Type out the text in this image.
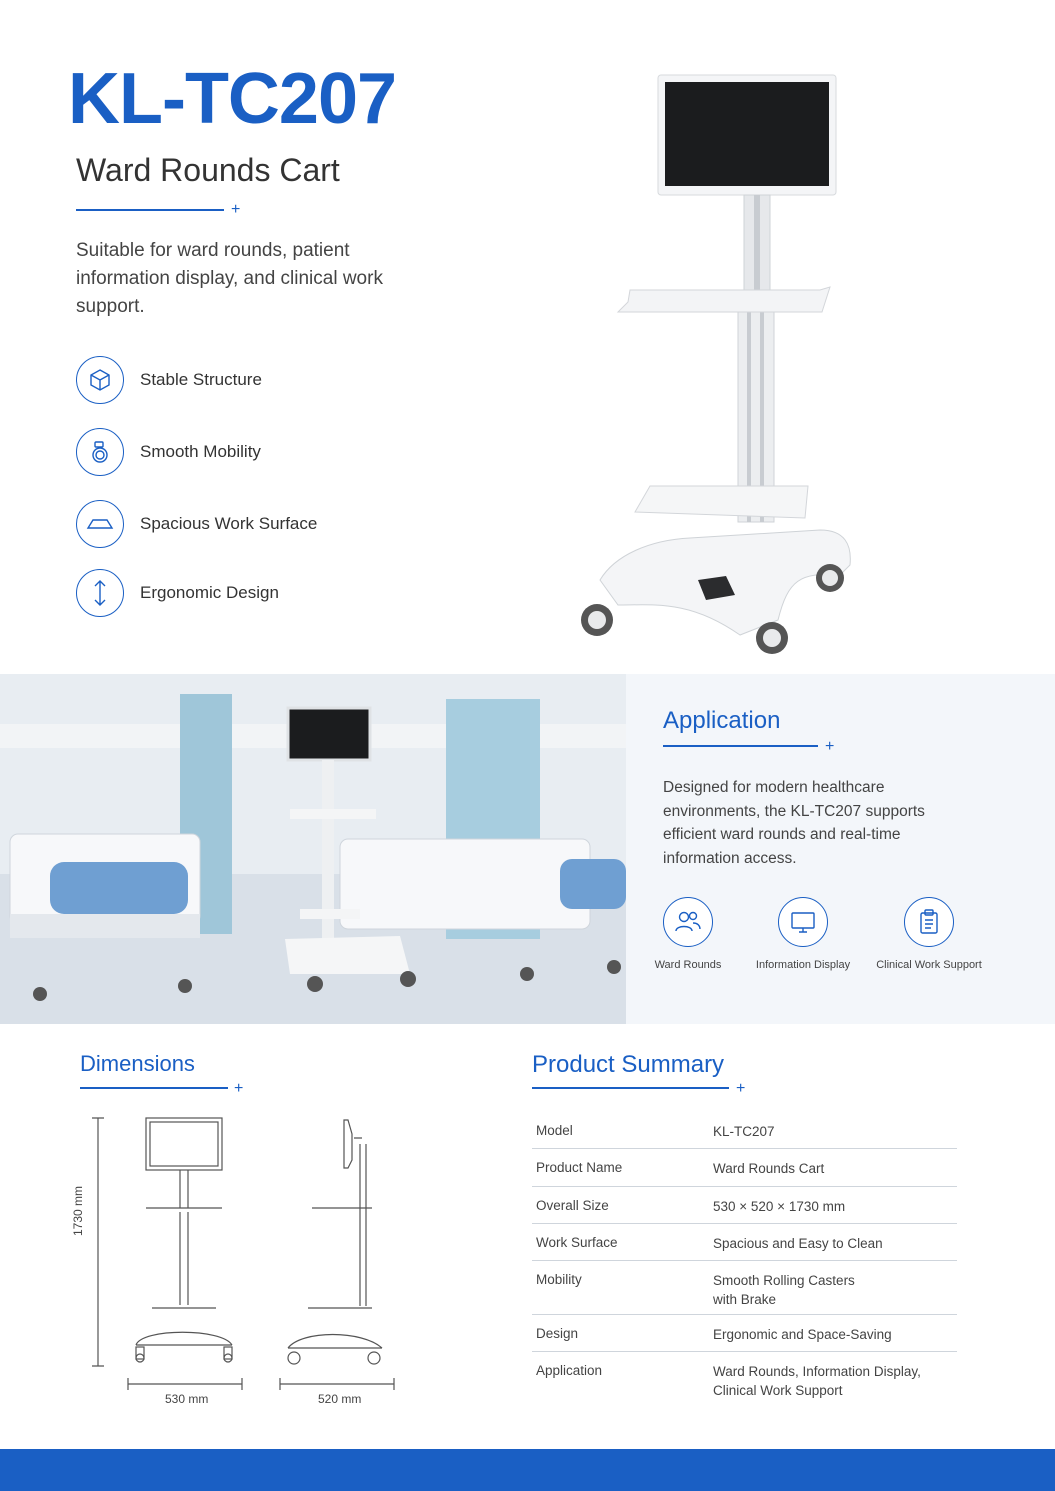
KL-TC207
Ward Rounds Cart
+
Suitable for ward rounds, patient information display, and clinical work support.
Stable Structure
Smooth Mobility
Spacious Work Surface
Ergonomic Design
Application
+
Designed for modern healthcare environments, the KL-TC207 supports efficient ward rounds and real-time information access.
Ward Rounds	Information Display	Clinical Work Support
Dimensions
+
1730 mm
530 mm	520 mm
Product Summary
+
Model	KL-TC207
Product Name	Ward Rounds Cart
Overall Size	530 × 520 × 1730 mm
Work Surface	Spacious and Easy to Clean
Mobility	Smooth Rolling Casters with Brake
Design	Ergonomic and Space-Saving
Application	Ward Rounds, Information Display, Clinical Work Support
